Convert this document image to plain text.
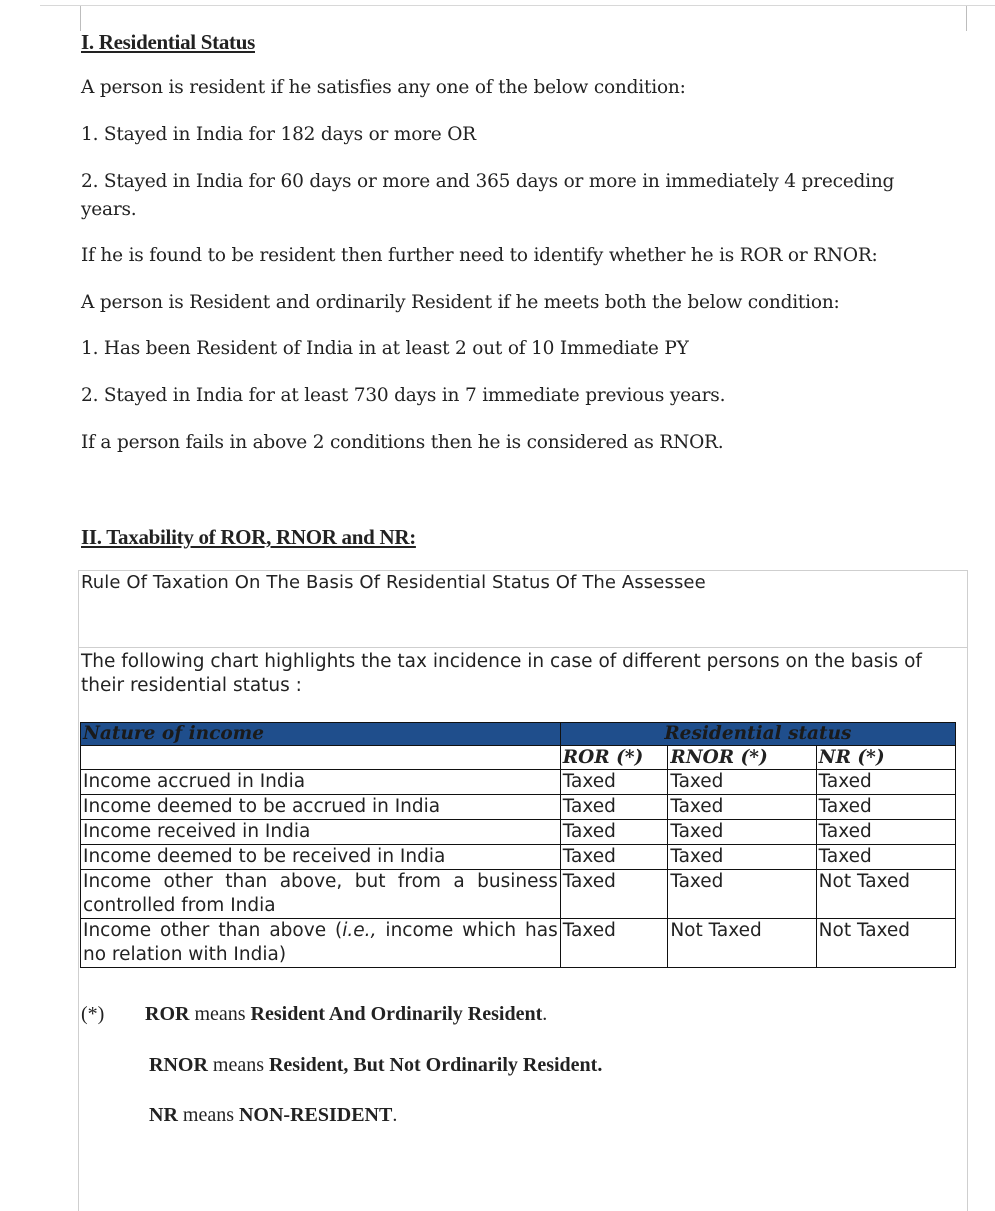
I. Residential Status
A person is resident if he satisfies any one of the below condition:
1. Stayed in India for 182 days or more OR
2. Stayed in India for 60 days or more and 365 days or more in immediately 4 preceding years.
If he is found to be resident then further need to identify whether he is ROR or RNOR:
A person is Resident and ordinarily Resident if he meets both the below condition:
1. Has been Resident of India in at least 2 out of 10 Immediate PY
2. Stayed in India for at least 730 days in 7 immediate previous years.
If a person fails in above 2 conditions then he is considered as RNOR.
II. Taxability of ROR, RNOR and NR:
Rule Of Taxation On The Basis Of Residential Status Of The Assessee
The following chart highlights the tax incidence in case of different persons on the basis of their residential status :
Nature of income	Residential status		
	ROR (*)	RNOR (*)	NR (*)
Income accrued in India	Taxed	Taxed	Taxed
Income deemed to be accrued in India	Taxed	Taxed	Taxed
Income received in India	Taxed	Taxed	Taxed
Income deemed to be received in India	Taxed	Taxed	Taxed
Income other than above, but from a business controlled from India	Taxed	Taxed	Not Taxed
Income other than above (i.e., income which has no relation with India)	Taxed	Not Taxed	Not Taxed
(*) ROR means Resident And Ordinarily Resident.
RNOR means Resident, But Not Ordinarily Resident.
NR means NON-RESIDENT.
